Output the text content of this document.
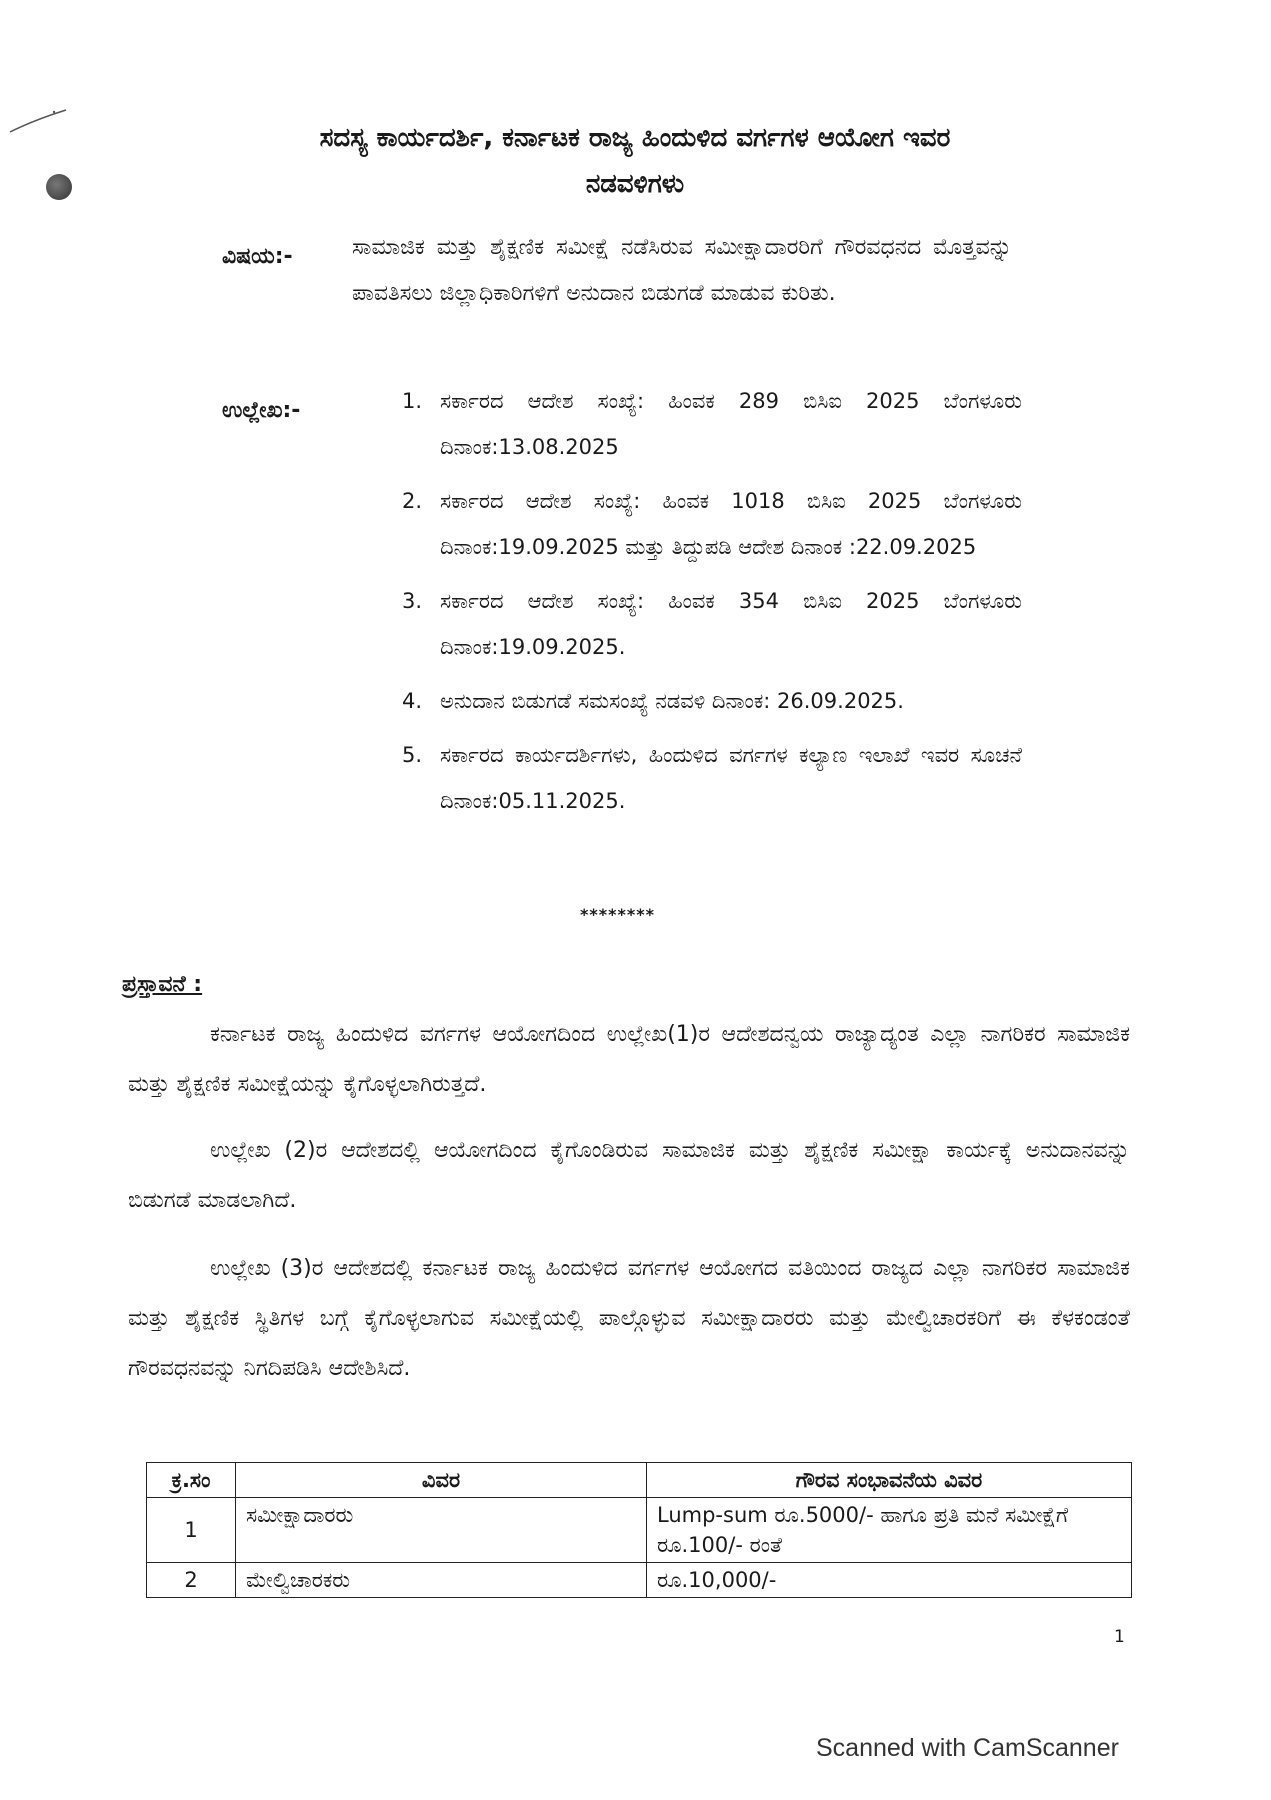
ಸದಸ್ಯ ಕಾರ್ಯದರ್ಶಿ, ಕರ್ನಾಟಕ ರಾಜ್ಯ ಹಿಂದುಳಿದ ವರ್ಗಗಳ ಆಯೋಗ ಇವರ
ನಡವಳಿಗಳು
ವಿಷಯ:-	ಸಾಮಾಜಿಕ ಮತ್ತು ಶೈಕ್ಷಣಿಕ ಸಮೀಕ್ಷೆ ನಡೆಸಿರುವ ಸಮೀಕ್ಷಾದಾರರಿಗೆ ಗೌರವಧನದ ಮೊತ್ತವನ್ನು ಪಾವತಿಸಲು ಜಿಲ್ಲಾಧಿಕಾರಿಗಳಿಗೆ ಅನುದಾನ ಬಿಡುಗಡೆ ಮಾಡುವ ಕುರಿತು.
ಉಲ್ಲೇಖ:-	1. ಸರ್ಕಾರದ ಆದೇಶ ಸಂಖ್ಯೆ: ಹಿಂವಕ 289 ಬಿಸಿಐ 2025 ಬೆಂಗಳೂರು ದಿನಾಂಕ:13.08.2025
2. ಸರ್ಕಾರದ ಆದೇಶ ಸಂಖ್ಯೆ: ಹಿಂವಕ 1018 ಬಿಸಿಐ 2025 ಬೆಂಗಳೂರು ದಿನಾಂಕ:19.09.2025 ಮತ್ತು ತಿದ್ದುಪಡಿ ಆದೇಶ ದಿನಾಂಕ :22.09.2025
3. ಸರ್ಕಾರದ ಆದೇಶ ಸಂಖ್ಯೆ: ಹಿಂವಕ 354 ಬಿಸಿಐ 2025 ಬೆಂಗಳೂರು ದಿನಾಂಕ:19.09.2025.
4. ಅನುದಾನ ಬಿಡುಗಡೆ ಸಮಸಂಖ್ಯೆ ನಡವಳಿ ದಿನಾಂಕ: 26.09.2025.
5. ಸರ್ಕಾರದ ಕಾರ್ಯದರ್ಶಿಗಳು, ಹಿಂದುಳಿದ ವರ್ಗಗಳ ಕಲ್ಯಾಣ ಇಲಾಖೆ ಇವರ ಸೂಚನೆ ದಿನಾಂಕ:05.11.2025.
********
ಪ್ರಸ್ತಾವನೆ :
ಕರ್ನಾಟಕ ರಾಜ್ಯ ಹಿಂದುಳಿದ ವರ್ಗಗಳ ಆಯೋಗದಿಂದ ಉಲ್ಲೇಖ(1)ರ ಆದೇಶದನ್ವಯ ರಾಜ್ಯಾದ್ಯಂತ ಎಲ್ಲಾ ನಾಗರಿಕರ ಸಾಮಾಜಿಕ ಮತ್ತು ಶೈಕ್ಷಣಿಕ ಸಮೀಕ್ಷೆಯನ್ನು ಕೈಗೊಳ್ಳಲಾಗಿರುತ್ತದೆ.
ಉಲ್ಲೇಖ (2)ರ ಆದೇಶದಲ್ಲಿ ಆಯೋಗದಿಂದ ಕೈಗೊಂಡಿರುವ ಸಾಮಾಜಿಕ ಮತ್ತು ಶೈಕ್ಷಣಿಕ ಸಮೀಕ್ಷಾ ಕಾರ್ಯಕ್ಕೆ ಅನುದಾನವನ್ನು ಬಿಡುಗಡೆ ಮಾಡಲಾಗಿದೆ.
ಉಲ್ಲೇಖ (3)ರ ಆದೇಶದಲ್ಲಿ ಕರ್ನಾಟಕ ರಾಜ್ಯ ಹಿಂದುಳಿದ ವರ್ಗಗಳ ಆಯೋಗದ ವತಿಯಿಂದ ರಾಜ್ಯದ ಎಲ್ಲಾ ನಾಗರಿಕರ ಸಾಮಾಜಿಕ ಮತ್ತು ಶೈಕ್ಷಣಿಕ ಸ್ಥಿತಿಗಳ ಬಗ್ಗೆ ಕೈಗೊಳ್ಳಲಾಗುವ ಸಮೀಕ್ಷೆಯಲ್ಲಿ ಪಾಲ್ಗೊಳ್ಳುವ ಸಮೀಕ್ಷಾದಾರರು ಮತ್ತು ಮೇಲ್ವಿಚಾರಕರಿಗೆ ಈ ಕೆಳಕಂಡಂತೆ ಗೌರವಧನವನ್ನು ನಿಗದಿಪಡಿಸಿ ಆದೇಶಿಸಿದೆ.
ಕ್ರ.ಸಂ	ವಿವರ	ಗೌರವ ಸಂಭಾವನೆಯ ವಿವರ
1	ಸಮೀಕ್ಷಾದಾರರು	Lump-sum ರೂ.5000/- ಹಾಗೂ ಪ್ರತಿ ಮನೆ ಸಮೀಕ್ಷೆಗೆ ರೂ.100/- ರಂತೆ
2	ಮೇಲ್ವಿಚಾರಕರು	ರೂ.10,000/-
1
Scanned with CamScanner
